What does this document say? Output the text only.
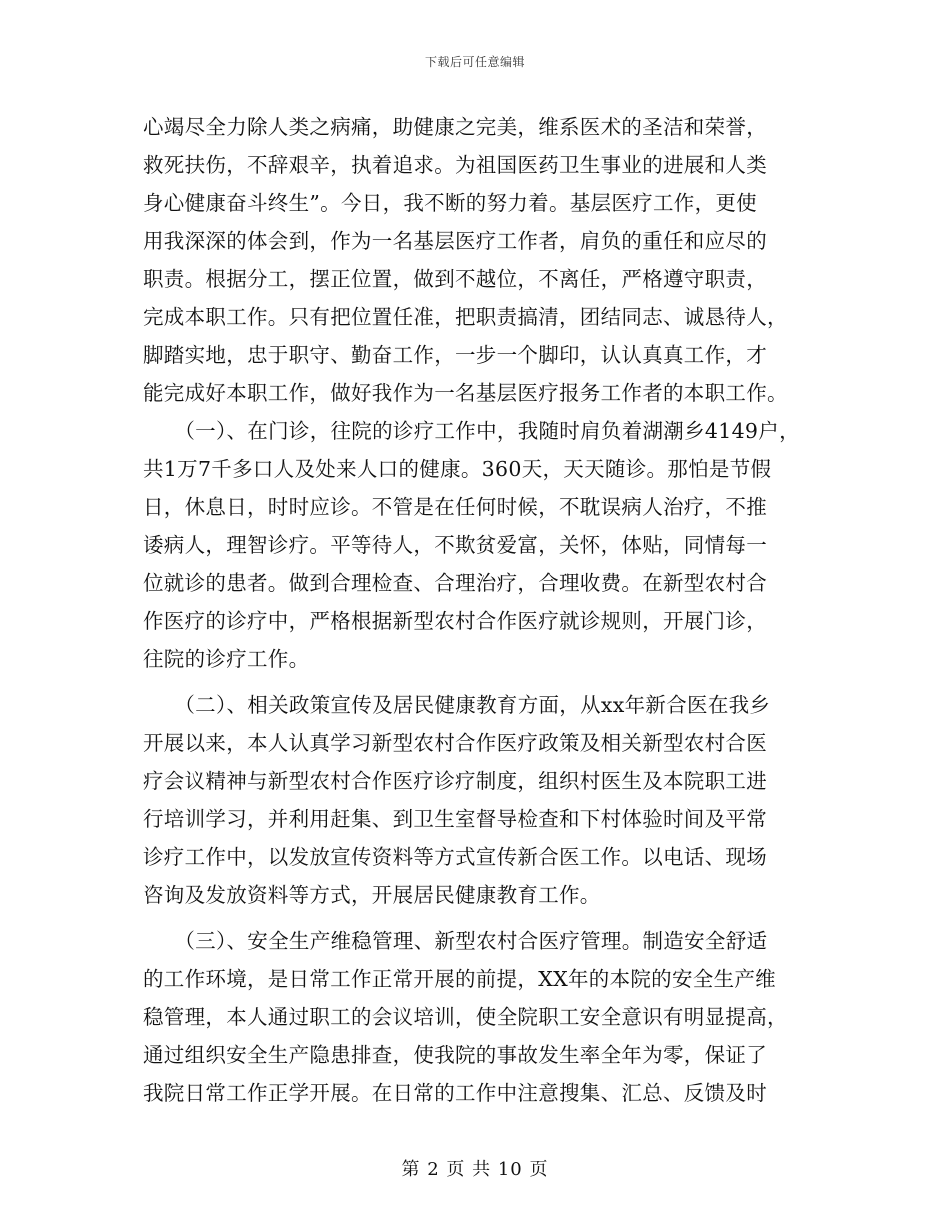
下载后可任意编辑
心竭尽全力除人类之病痛，助健康之完美，维系医术的圣洁和荣誉，
救死扶伤，不辞艰辛，执着追求。为祖国医药卫生事业的进展和人类
身心健康奋斗终生”。今日，我不断的努力着。基层医疗工作，更使
用我深深的体会到，作为一名基层医疗工作者，肩负的重任和应尽的
职责。根据分工，摆正位置，做到不越位，不离任，严格遵守职责，
完成本职工作。只有把位置任准，把职责搞清，团结同志、诚恳待人，
脚踏实地，忠于职守、勤奋工作，一步一个脚印，认认真真工作，才
能完成好本职工作，做好我作为一名基层医疗报务工作者的本职工作。
　　（一）、在门诊，往院的诊疗工作中，我随时肩负着湖潮乡4149户，
共1万7千多口人及处来人口的健康。360天，天天随诊。那怕是节假
日，休息日，时时应诊。不管是在任何时候，不耽误病人治疗，不推
诿病人，理智诊疗。平等待人，不欺贫爱富，关怀，体贴，同情每一
位就诊的患者。做到合理检查、合理治疗，合理收费。在新型农村合
作医疗的诊疗中，严格根据新型农村合作医疗就诊规则，开展门诊，
往院的诊疗工作。
　　（二）、相关政策宣传及居民健康教育方面，从xx年新合医在我乡
开展以来，本人认真学习新型农村合作医疗政策及相关新型农村合医
疗会议精神与新型农村合作医疗诊疗制度，组织村医生及本院职工进
行培训学习，并利用赶集、到卫生室督导检查和下村体验时间及平常
诊疗工作中，以发放宣传资料等方式宣传新合医工作。以电话、现场
咨询及发放资料等方式，开展居民健康教育工作。
　　（三）、安全生产维稳管理、新型农村合医疗管理。制造安全舒适
的工作环境，是日常工作正常开展的前提，XX年的本院的安全生产维
稳管理，本人通过职工的会议培训，使全院职工安全意识有明显提高，
通过组织安全生产隐患排查，使我院的事故发生率全年为零，保证了
我院日常工作正学开展。在日常的工作中注意搜集、汇总、反馈及时
第 2 页 共 10 页
